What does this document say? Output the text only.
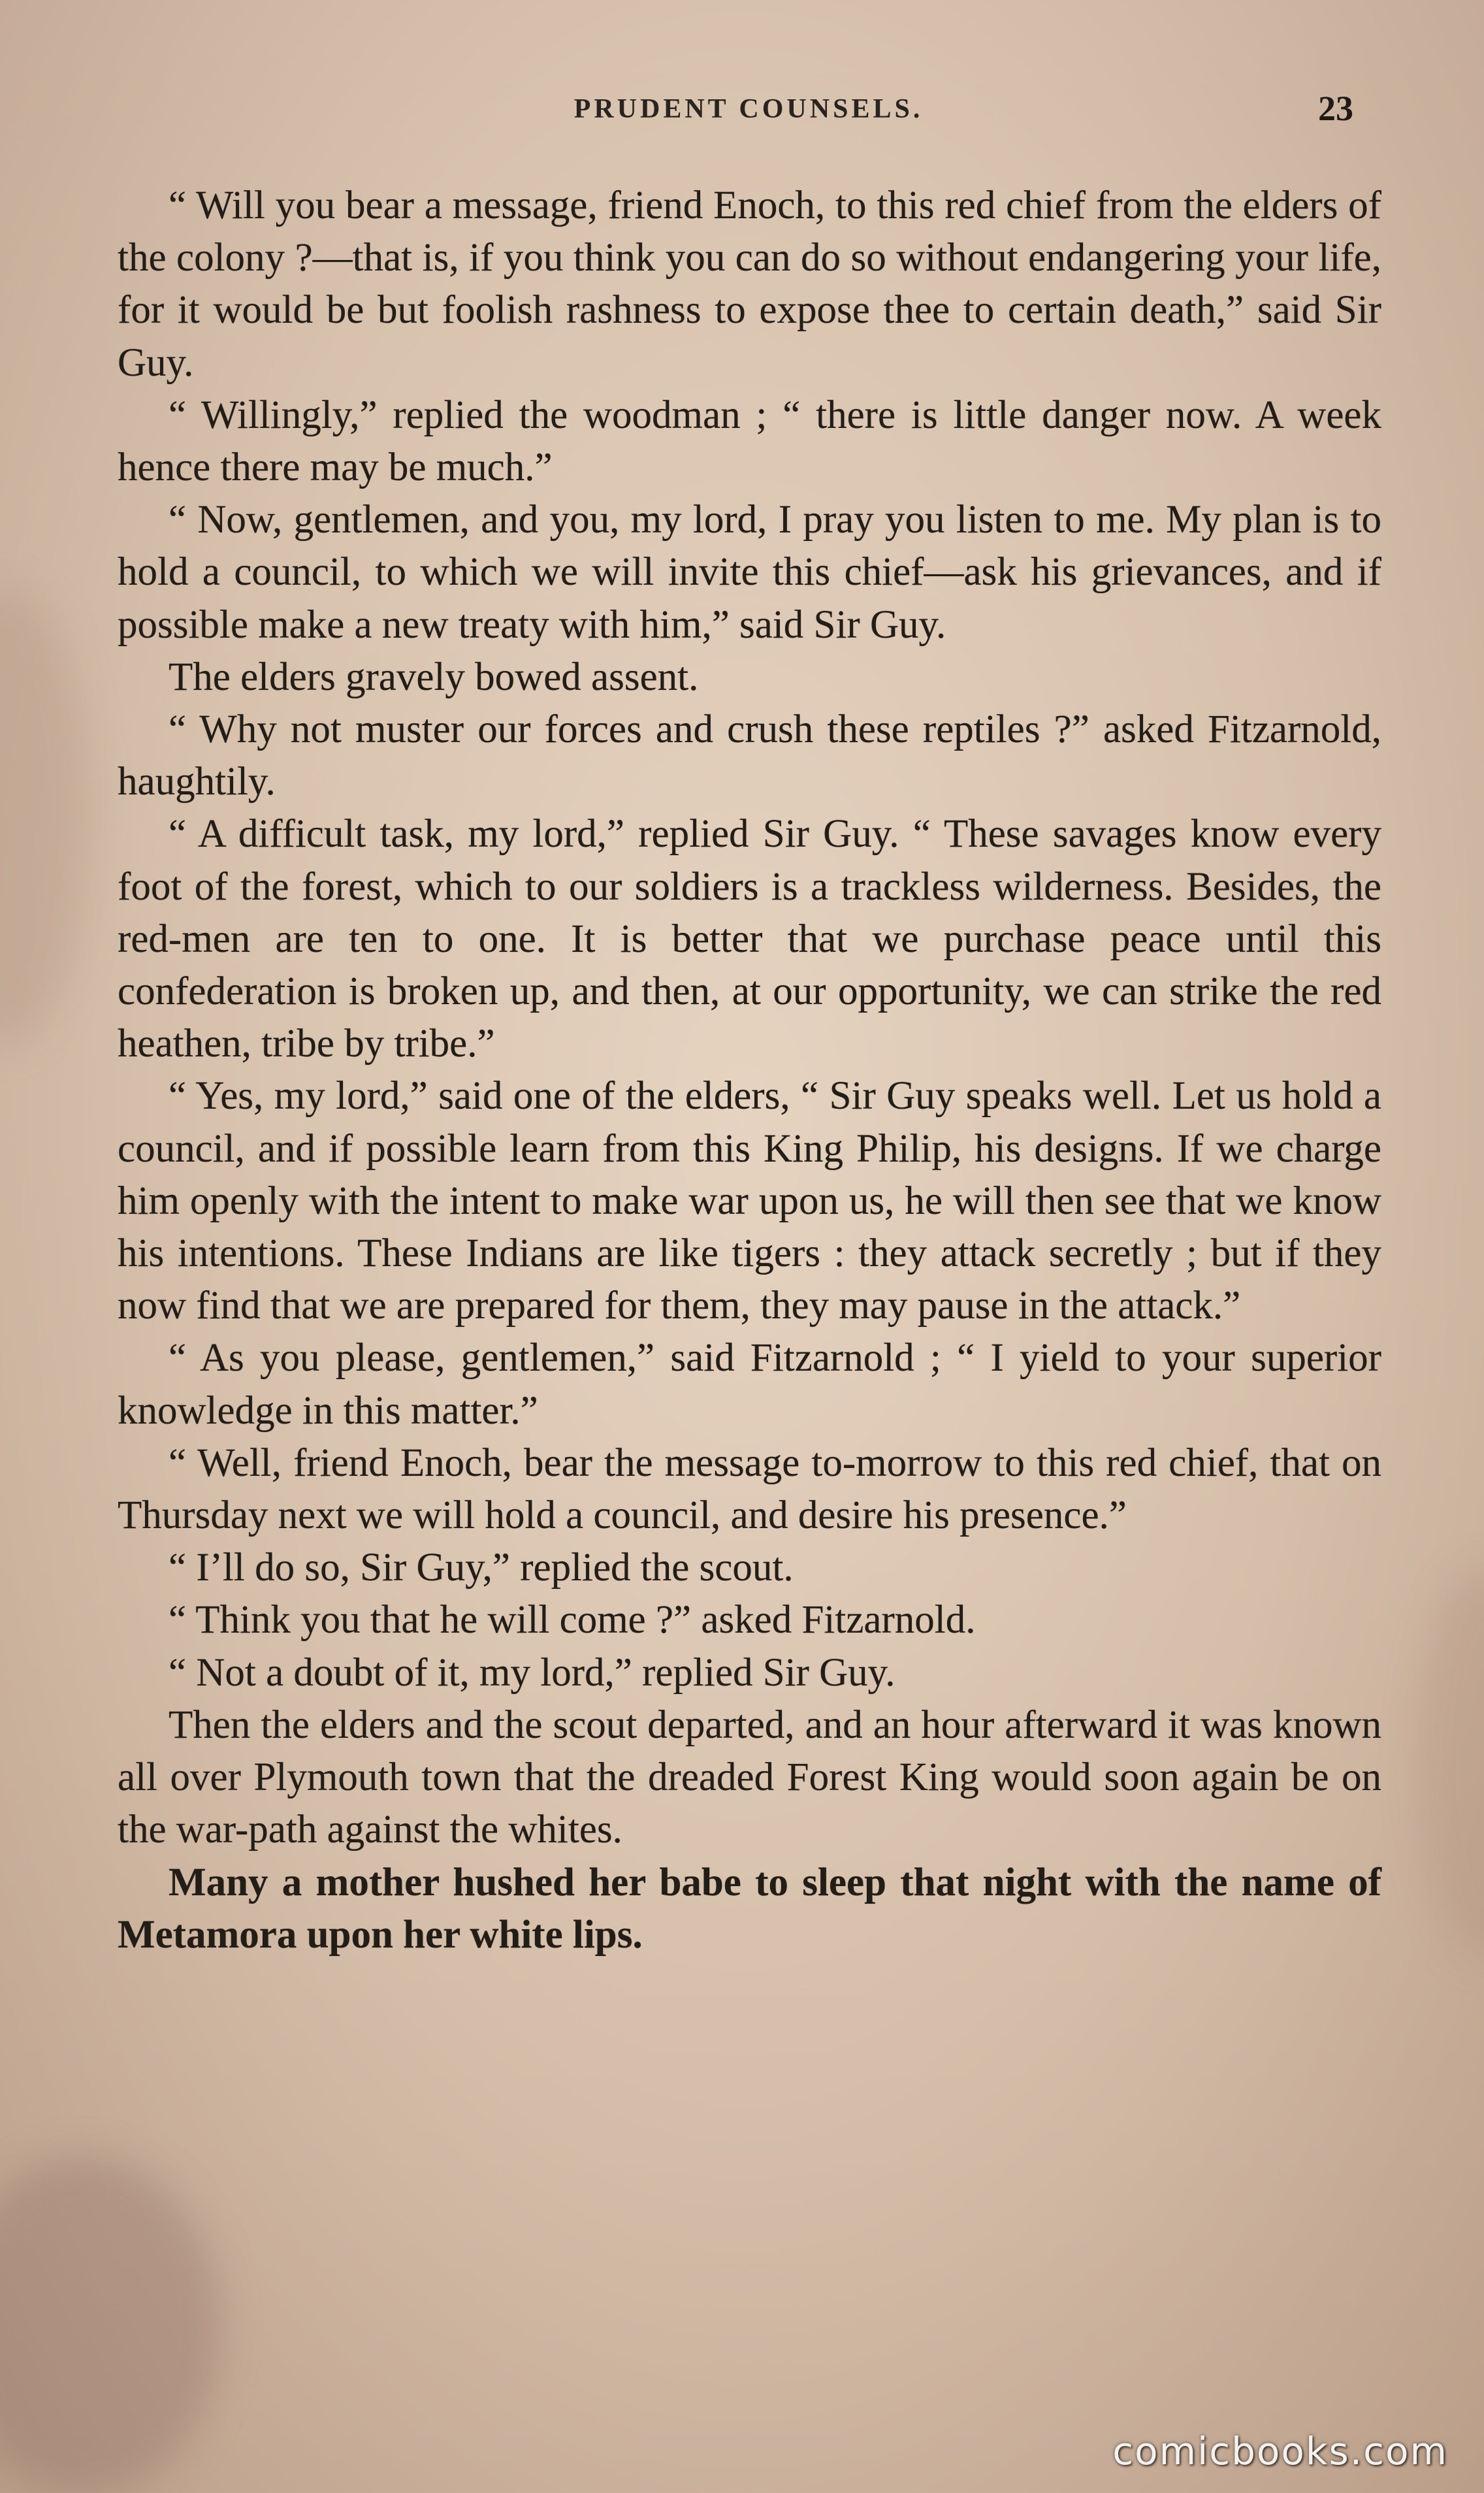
PRUDENT COUNSELS.	23

“ Will you bear a message, friend Enoch, to this red chief from the elders of the colony ?—that is, if you think you can do so without endangering your life, for it would be but foolish rashness to expose thee to certain death,” said Sir Guy.

“ Willingly,” replied the woodman ; “ there is little danger now. A week hence there may be much.”

“ Now, gentlemen, and you, my lord, I pray you listen to me. My plan is to hold a council, to which we will invite this chief—ask his grievances, and if possible make a new treaty with him,” said Sir Guy.

The elders gravely bowed assent.

“ Why not muster our forces and crush these reptiles ?” asked Fitzarnold, haughtily.

“ A difficult task, my lord,” replied Sir Guy. “ These savages know every foot of the forest, which to our soldiers is a trackless wilderness. Besides, the red-men are ten to one. It is better that we purchase peace until this confederation is broken up, and then, at our opportunity, we can strike the red heathen, tribe by tribe.”

“ Yes, my lord,” said one of the elders, “ Sir Guy speaks well. Let us hold a council, and if possible learn from this King Philip, his designs. If we charge him openly with the intent to make war upon us, he will then see that we know his intentions. These Indians are like tigers : they attack secretly ; but if they now find that we are prepared for them, they may pause in the attack.”

“ As you please, gentlemen,” said Fitzarnold ; “ I yield to your superior knowledge in this matter.”

“ Well, friend Enoch, bear the message to-morrow to this red chief, that on Thursday next we will hold a council, and desire his presence.”

“ I’ll do so, Sir Guy,” replied the scout.

“ Think you that he will come ?” asked Fitzarnold.

“ Not a doubt of it, my lord,” replied Sir Guy.

Then the elders and the scout departed, and an hour afterward it was known all over Plymouth town that the dreaded Forest King would soon again be on the war-path against the whites.

Many a mother hushed her babe to sleep that night with the name of Metamora upon her white lips.

comicbooks.com
